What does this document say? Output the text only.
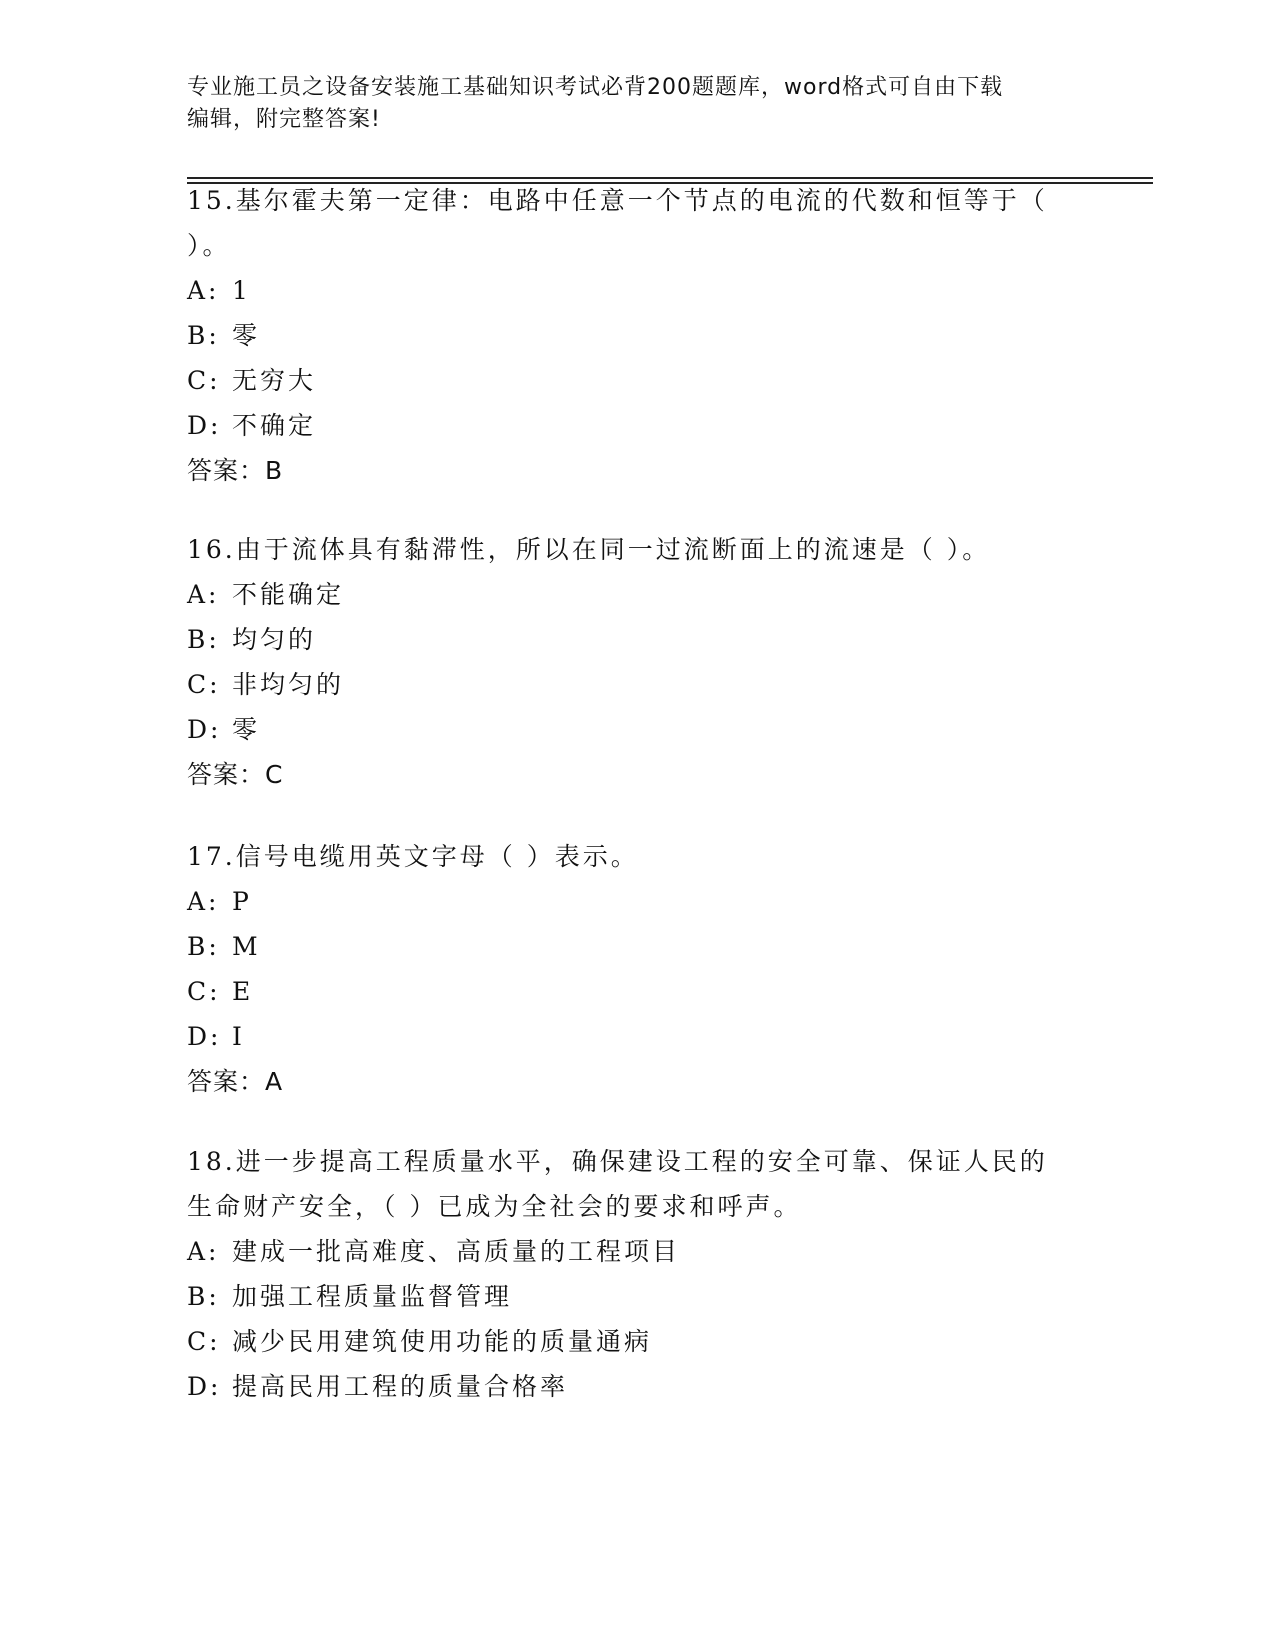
专业施工员之设备安装施工基础知识考试必背200题题库，word格式可自由下载
编辑，附完整答案!

15.基尔霍夫第一定律：电路中任意一个节点的电流的代数和恒等于（

）。

A: 1

B: 零

C: 无穷大

D: 不确定

答案：B

16.由于流体具有黏滞性，所以在同一过流断面上的流速是（ ）。

A: 不能确定

B: 均匀的

C: 非均匀的

D: 零

答案：C

17.信号电缆用英文字母（ ）表示。

A: P

B: M

C: E

D: I

答案：A

18.进一步提高工程质量水平，确保建设工程的安全可靠、保证人民的

生命财产安全，（ ）已成为全社会的要求和呼声。

A: 建成一批高难度、高质量的工程项目

B: 加强工程质量监督管理

C: 减少民用建筑使用功能的质量通病

D: 提高民用工程的质量合格率
